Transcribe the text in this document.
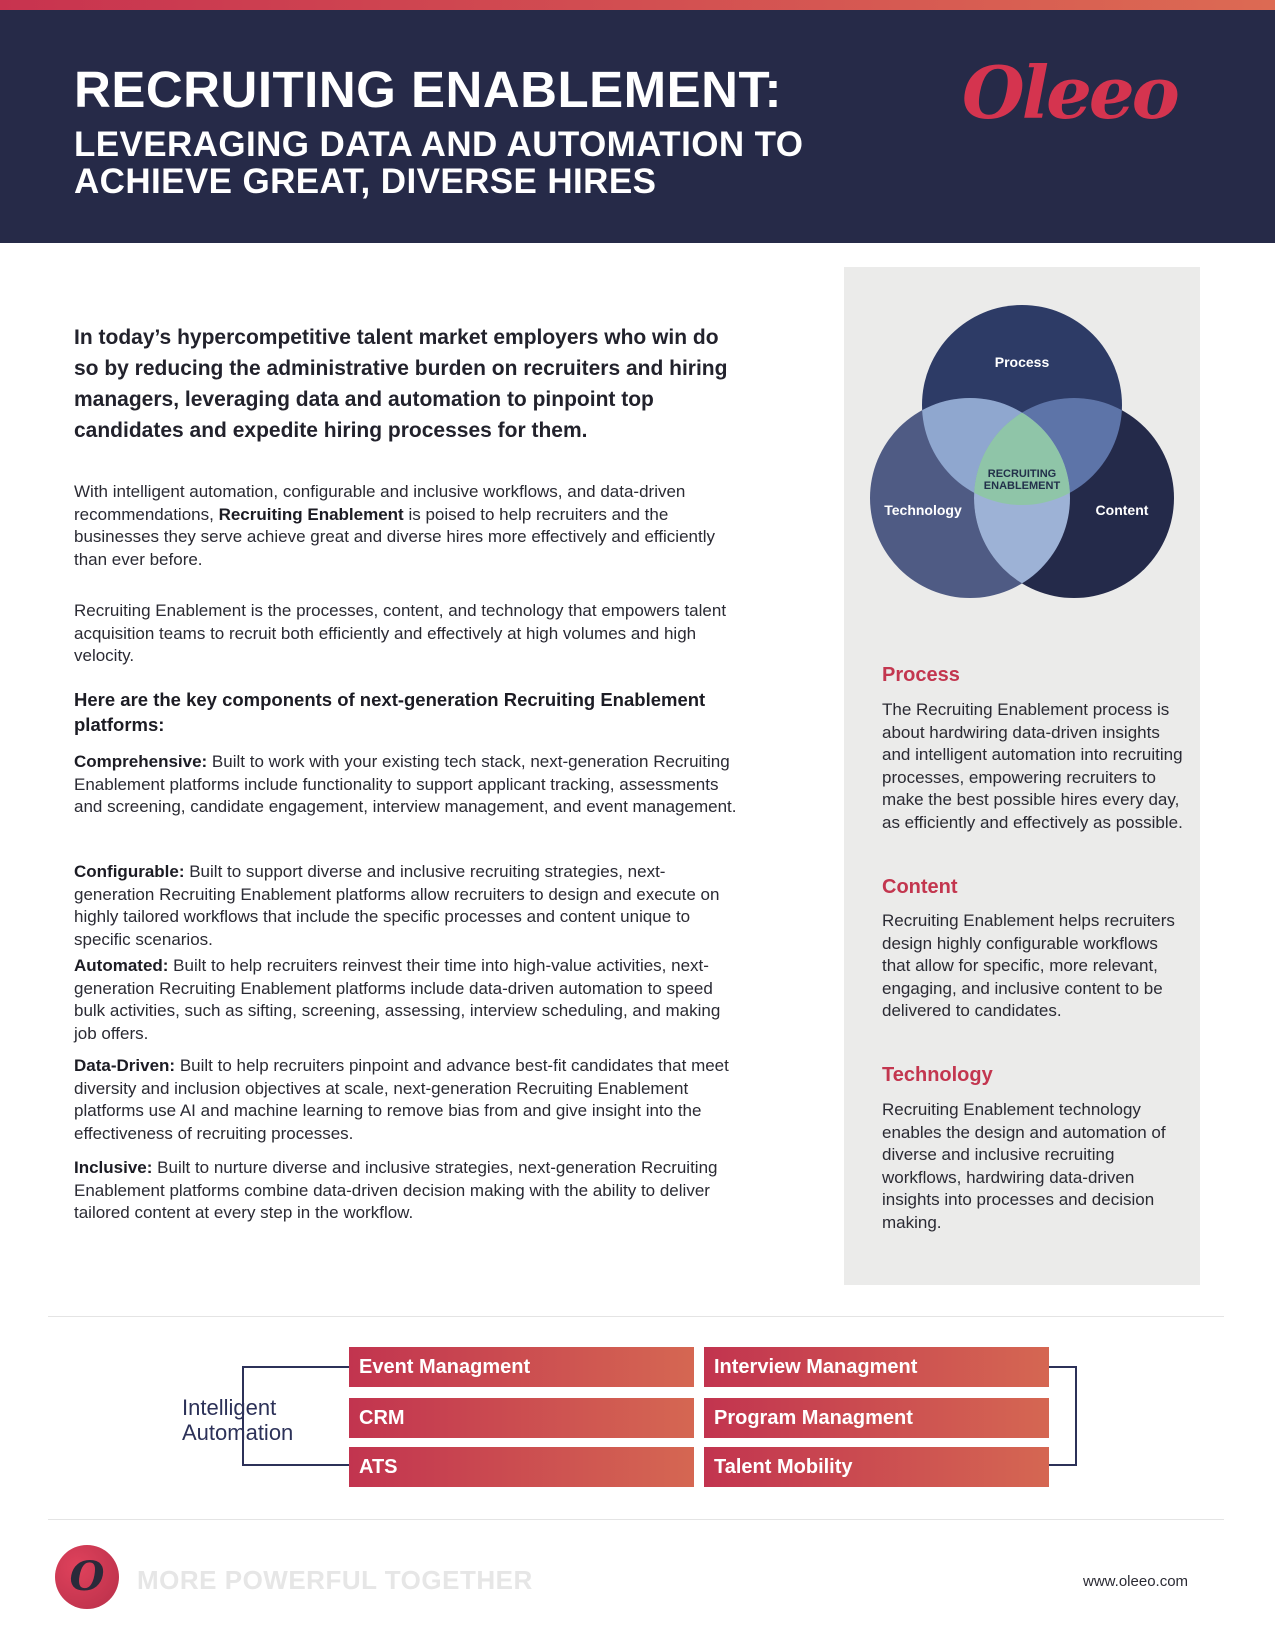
RECRUITING ENABLEMENT:
LEVERAGING DATA AND AUTOMATION TO ACHIEVE GREAT, DIVERSE HIRES
Oleeo
In today’s hypercompetitive talent market employers who win do so by reducing the administrative burden on recruiters and hiring managers, leveraging data and automation to pinpoint top candidates and expedite hiring processes for them.
With intelligent automation, configurable and inclusive workflows, and data-driven recommendations, Recruiting Enablement is poised to help recruiters and the businesses they serve achieve great and diverse hires more effectively and efficiently than ever before.
Recruiting Enablement is the processes, content, and technology that empowers talent acquisition teams to recruit both efficiently and effectively at high volumes and high velocity.
Here are the key components of next-generation Recruiting Enablement platforms:
Comprehensive: Built to work with your existing tech stack, next-generation Recruiting Enablement platforms include functionality to support applicant tracking, assessments and screening, candidate engagement, interview management, and event management.
Configurable: Built to support diverse and inclusive recruiting strategies, next-generation Recruiting Enablement platforms allow recruiters to design and execute on highly tailored workflows that include the specific processes and content unique to specific scenarios.
Automated: Built to help recruiters reinvest their time into high-value activities, next-generation Recruiting Enablement platforms include data-driven automation to speed bulk activities, such as sifting, screening, assessing, interview scheduling, and making job offers.
Data-Driven: Built to help recruiters pinpoint and advance best-fit candidates that meet diversity and inclusion objectives at scale, next-generation Recruiting Enablement platforms use AI and machine learning to remove bias from and give insight into the effectiveness of recruiting processes.
Inclusive: Built to nurture diverse and inclusive strategies, next-generation Recruiting Enablement platforms combine data-driven decision making with the ability to deliver tailored content at every step in the workflow.
Process
Technology	Content
RECRUITING
ENABLEMENT
Process
The Recruiting Enablement process is about hardwiring data-driven insights and intelligent automation into recruiting processes, empowering recruiters to make the best possible hires every day, as efficiently and effectively as possible.
Content
Recruiting Enablement helps recruiters design highly configurable workflows that allow for specific, more relevant, engaging, and inclusive content to be delivered to candidates.
Technology
Recruiting Enablement technology enables the design and automation of diverse and inclusive recruiting workflows, hardwiring data-driven insights into processes and decision making.
Intelligent
Automation
Event Managment
CRM
ATS
Interview Managment
Program Managment
Talent Mobility
O	MORE POWERFUL TOGETHER	www.oleeo.com
